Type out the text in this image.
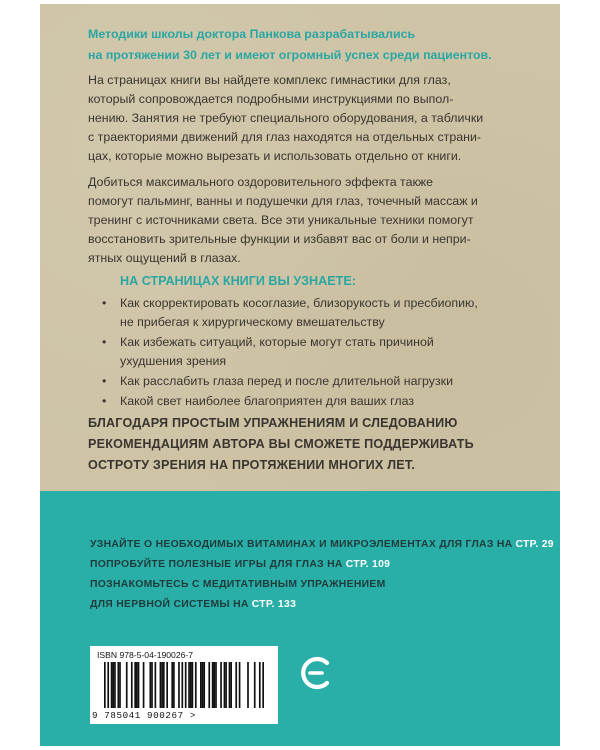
Методики школы доктора Панкова разрабатывались
на протяжении 30 лет и имеют огромный успех среди пациентов.
На страницах книги вы найдете комплекс гимнастики для глаз,
который сопровождается подробными инструкциями по выпол-
нению. Занятия не требуют специального оборудования, а таблички
с траекториями движений для глаз находятся на отдельных страни-
цах, которые можно вырезать и использовать отдельно от книги.
Добиться максимального оздоровительного эффекта также
помогут пальминг, ванны и подушечки для глаз, точечный массаж и
тренинг с источниками света. Все эти уникальные техники помогут
восстановить зрительные функции и избавят вас от боли и непри-
ятных ощущений в глазах.
НА СТРАНИЦАХ КНИГИ ВЫ УЗНАЕТЕ:
• Как скорректировать косоглазие, близорукость и пресбиопию,
не прибегая к хирургическому вмешательству
• Как избежать ситуаций, которые могут стать причиной
ухудшения зрения
• Как расслабить глаза перед и после длительной нагрузки
• Какой свет наиболее благоприятен для ваших глаз
БЛАГОДАРЯ ПРОСТЫМ УПРАЖНЕНИЯМ И СЛЕДОВАНИЮ
РЕКОМЕНДАЦИЯМ АВТОРА ВЫ СМОЖЕТЕ ПОДДЕРЖИВАТЬ
ОСТРОТУ ЗРЕНИЯ НА ПРОТЯЖЕНИИ МНОГИХ ЛЕТ.
УЗНАЙТЕ О НЕОБХОДИМЫХ ВИТАМИНАХ И МИКРОЭЛЕМЕНТАХ ДЛЯ ГЛАЗ НА СТР. 29
ПОПРОБУЙТЕ ПОЛЕЗНЫЕ ИГРЫ ДЛЯ ГЛАЗ НА СТР. 109
ПОЗНАКОМЬТЕСЬ С МЕДИТАТИВНЫМ УПРАЖНЕНИЕМ
ДЛЯ НЕРВНОЙ СИСТЕМЫ НА СТР. 133
ISBN 978-5-04-190026-7
9 785041 900267 >
